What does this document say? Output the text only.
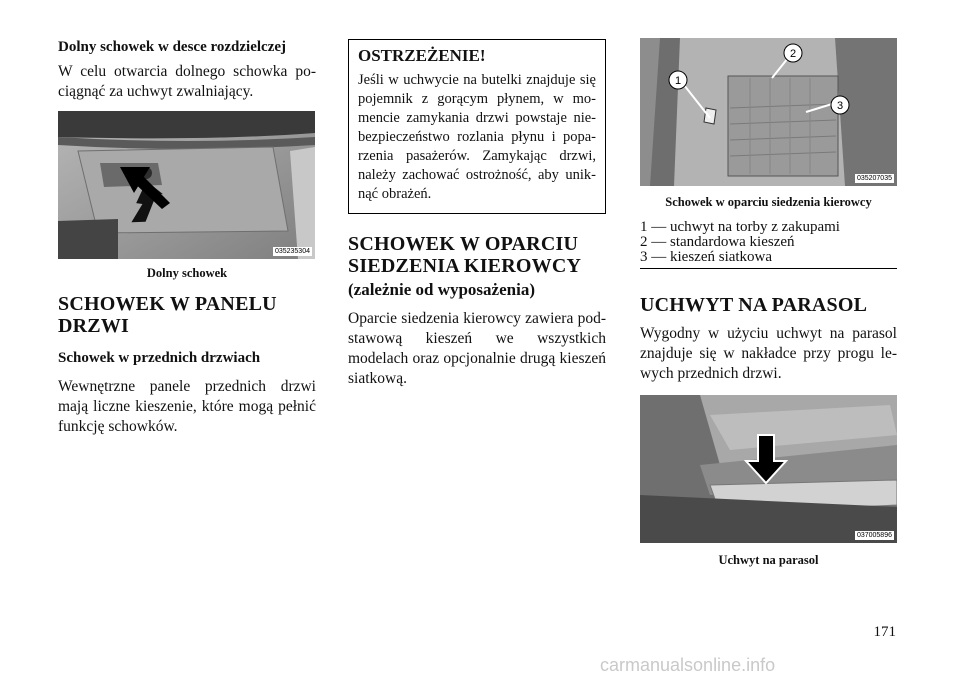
Dolny schowek w desce rozdzielczej

W celu otwarcia dolnego schowka po-ciągnąć za uchwyt zwalniający.

035235304
Dolny schowek
SCHOWEK W PANELU DRZWI
Schowek w przednich drzwiach

Wewnętrzne panele przednich drzwi mają liczne kieszenie, które mogą pełnić funkcję schowków.

OSTRZEŻENIE!

Jeśli w uchwycie na butelki znajduje się pojemnik z gorącym płynem, w mo-mencie zamykania drzwi powstaje nie-bezpieczeństwo rozlania płynu i popa-rzenia pasażerów. Zamykając drzwi, należy zachować ostrożność, aby unik-nąć obrażeń.

SCHOWEK W OPARCIU SIEDZENIA KIEROWCY
(zależnie od wyposażenia)

Oparcie siedzenia kierowcy zawiera pod-stawową kieszeń we wszystkich modelach oraz opcjonalnie drugą kieszeń siatkową.

1
2
3
035207035
Schowek w oparciu siedzenia kierowcy
1 — uchwyt na torby z zakupami
2 — standardowa kieszeń
3 — kieszeń siatkowa
UCHWYT NA PARASOL

Wygodny w użyciu uchwyt na parasol znajduje się w nakładce przy progu le-wych przednich drzwi.

037005896
Uchwyt na parasol
171
carmanualsonline.info
